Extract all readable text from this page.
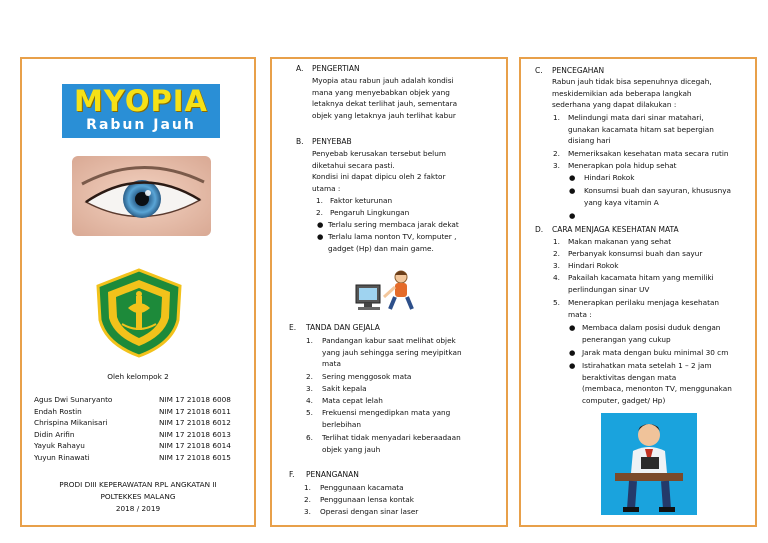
MYOPIA
Rabun Jauh
Oleh kelompok 2
Agus Dwi Sunaryanto	NIM 17 21018 6008
Endah Rostin	NIM 17 21018 6011
Chrispina Mikanisari	NIM 17 21018 6012
Didin Arifin	NIM 17 21018 6013
Yayuk Rahayu	NIM 17 21018 6014
Yuyun Rinawati	NIM 17 21018 6015
PRODI DIII KEPERAWATAN RPL ANGKATAN II
POLTEKKES MALANG
2018 / 2019
A. PENGERTIAN
Myopia atau rabun jauh adalah kondisi
mana yang menyebabkan objek yang
letaknya dekat terlihat jauh, sementara
objek yang letaknya jauh terlihat kabur
B. PENYEBAB
Penyebab kerusakan tersebut belum
diketahui secara pasti.
Kondisi ini dapat dipicu oleh 2 faktor
utama :
1. Faktor keturunan
2. Pengaruh Lingkungan
● Terlalu sering membaca jarak dekat
● Terlalu lama nonton TV, komputer ,
gadget (Hp) dan main game.
E. TANDA DAN GEJALA
1. Pandangan kabur saat melihat objek
yang jauh sehingga sering meyipitkan
mata
2. Sering menggosok mata
3. Sakit kepala
4. Mata cepat lelah
5. Frekuensi mengedipkan mata yang
berlebihan
6. Terlihat tidak menyadari keberaadaan
objek yang jauh
F. PENANGANAN
1. Penggunaan kacamata
2. Penggunaan lensa kontak
3. Operasi dengan sinar laser
C. PENCEGAHAN
Rabun jauh tidak bisa sepenuhnya dicegah,
meskidemikian ada beberapa langkah
sederhana yang dapat dilakukan :
1. Melindungi mata dari sinar matahari,
gunakan kacamata hitam sat bepergian
disiang hari
2. Memeriksakan kesehatan mata secara rutin
3. Menerapkan pola hidup sehat
● Hindari Rokok
● Konsumsi buah dan sayuran, khususnya
yang kaya vitamin A
●
D. CARA MENJAGA KESEHATAN MATA
1. Makan makanan yang sehat
2. Perbanyak konsumsi buah dan sayur
3. Hindari Rokok
4. Pakailah kacamata hitam yang memiliki
perlindungan sinar UV
5. Menerapkan perilaku menjaga kesehatan
mata :
● Membaca dalam posisi duduk dengan
penerangan yang cukup
● Jarak mata dengan buku minimal 30 cm
● Istirahatkan mata setelah 1 – 2 jam
beraktivitas dengan mata
(membaca, menonton TV, menggunakan
computer, gadget/ Hp)
